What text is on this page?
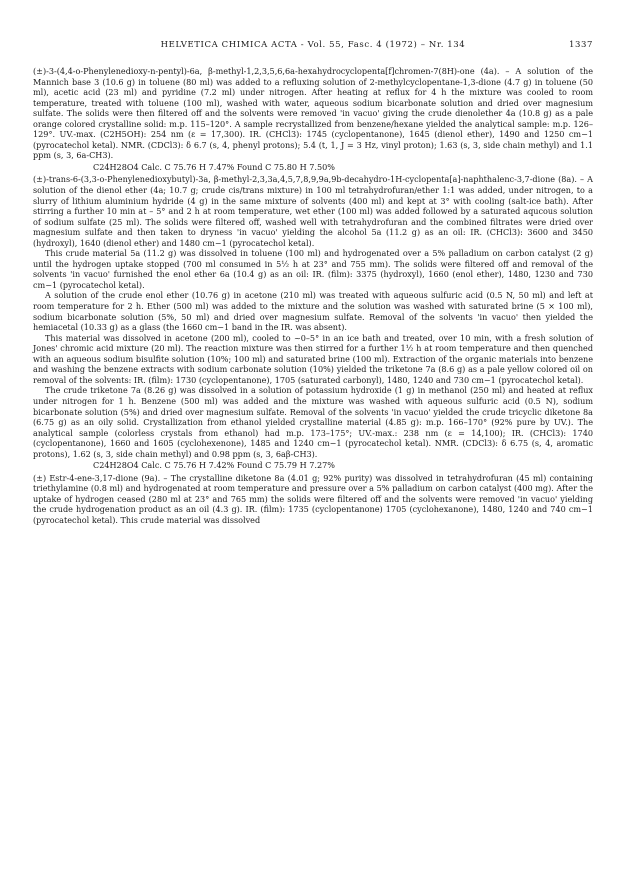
HELVETICA CHIMICA ACTA - Vol. 55, Fasc. 4 (1972) – Nr. 134	1337

(±)-3-(4,4-o-Phenylenedioxy-n-pentyl)-6a, β-methyl-1,2,3,5,6,6a-hexahydrocyclopenta[f]chromen-7(8H)-one (4a). – A solution of the Mannich base 3 (10.6 g) in toluene (80 ml) was added to a refluxing solution of 2-methylcyclopentane-1,3-dione (4.7 g) in toluene (50 ml), acetic acid (23 ml) and pyridine (7.2 ml) under nitrogen. After heating at reflux for 4 h the mixture was cooled to room temperature, treated with toluene (100 ml), washed with water, aqueous sodium bicarbonate solution and dried over magnesium sulfate. The solids were then filtered off and the solvents were removed 'in vacuo' giving the crude dienolether 4a (10.8 g) as a pale orange colored crystalline solid: m.p. 115–120°. A sample recrystallized from benzene/hexane yielded the analytical sample: m.p. 126–129°. UV.-max. (C2H5OH): 254 nm (ε = 17,300). IR. (CHCl3): 1745 (cyclopentanone), 1645 (dienol ether), 1490 and 1250 cm−1 (pyrocatechol ketal). NMR. (CDCl3): δ 6.7 (s, 4, phenyl protons); 5.4 (t, 1, J = 3 Hz, vinyl proton); 1.63 (s, 3, side chain methyl) and 1.1 ppm (s, 3, 6a-CH3).

C24H28O4 Calc. C 75.76 H 7.47% Found C 75.80 H 7.50%

(±)-trans-6-(3,3-o-Phenylenedioxybutyl)-3a, β-methyl-2,3,3a,4,5,7,8,9,9a,9b-decahydro-1H-cyclopenta[a]-naphthalenc-3,7-dione (8a). – A solution of the dienol ether (4a; 10.7 g; crude cis/trans mixture) in 100 ml tetrahydrofuran/ether 1:1 was added, under nitrogen, to a slurry of lithium aluminium hydride (4 g) in the same mixture of solvents (400 ml) and kept at 3° with cooling (salt-ice bath). After stirring a further 10 min at – 5° and 2 h at room temperature, wet ether (100 ml) was added followed by a saturated aqucous solution of sodium sulfate (25 ml). The solids were filtered off, washed well with tetrahydrofuran and the combined filtrates were dried over magnesium sulfate and then taken to dryness 'in vacuo' yielding the alcohol 5a (11.2 g) as an oil: IR. (CHCl3): 3600 and 3450 (hydroxyl), 1640 (dienol ether) and 1480 cm−1 (pyrocatechol ketal).

This crude material 5a (11.2 g) was dissolved in toluene (100 ml) and hydrogenated over a 5% palladium on carbon catalyst (2 g) until the hydrogen uptake stopped (700 ml consumed in 5½ h at 23° and 755 mm). The solids were filtered off and removal of the solvents 'in vacuo' furnished the enol ether 6a (10.4 g) as an oil: IR. (film): 3375 (hydroxyl), 1660 (enol ether), 1480, 1230 and 730 cm−1 (pyrocatechol ketal).

A solution of the crude enol ether (10.76 g) in acetone (210 ml) was treated with aqueous sulfuric acid (0.5 N, 50 ml) and left at room temperature for 2 h. Ether (500 ml) was added to the mixture and the solution was washed with saturated brine (5 × 100 ml), sodium bicarbonate solution (5%, 50 ml) and dried over magnesium sulfate. Removal of the solvents 'in vacuo' then yielded the hemiacetal (10.33 g) as a glass (the 1660 cm−1 band in the IR. was absent).

This material was dissolved in acetone (200 ml), cooled to ~0–5° in an ice bath and treated, over 10 min, with a fresh solution of Jones' chromic acid mixture (20 ml). The reaction mixture was then stirred for a further 1½ h at room temperature and then quenched with an aqueous sodium bisulfite solution (10%; 100 ml) and saturated brine (100 ml). Extraction of the organic materials into benzene and washing the benzene extracts with sodium carbonate solution (10%) yielded the triketone 7a (8.6 g) as a pale yellow colored oil on removal of the solvents: IR. (film): 1730 (cyclopentanone), 1705 (saturated carbonyl), 1480, 1240 and 730 cm−1 (pyrocatechol ketal).

The crude triketone 7a (8.26 g) was dissolved in a solution of potassium hydroxide (1 g) in methanol (250 ml) and heated at reflux under nitrogen for 1 h. Benzene (500 ml) was added and the mixture was washed with aqueous sulfuric acid (0.5 N), sodium bicarbonate solution (5%) and dried over magnesium sulfate. Removal of the solvents 'in vacuo' yielded the crude tricyclic diketone 8a (6.75 g) as an oily solid. Crystallization from ethanol yielded crystalline material (4.85 g): m.p. 166–170° (92% pure by UV.). The analytical sample (colorless crystals from ethanol) had m.p. 173–175°; UV.-max.: 238 nm (ε = 14,100); IR. (CHCl3): 1740 (cyclopentanone), 1660 and 1605 (cyclohexenone), 1485 and 1240 cm−1 (pyrocatechol ketal). NMR. (CDCl3): δ 6.75 (s, 4, aromatic protons), 1.62 (s, 3, side chain methyl) and 0.98 ppm (s, 3, 6aβ-CH3).

C24H28O4 Calc. C 75.76 H 7.42% Found C 75.79 H 7.27%

(±) Estr-4-ene-3,17-dione (9a). – The crystalline diketone 8a (4.01 g; 92% purity) was dissolved in tetrahydrofuran (45 ml) containing triethylamine (0.8 ml) and hydrogenated at room temperature and pressure over a 5% palladium on carbon catalyst (400 mg). After the uptake of hydrogen ceased (280 ml at 23° and 765 mm) the solids were filtered off and the solvents were removed 'in vacuo' yielding the crude hydrogenation product as an oil (4.3 g). IR. (film): 1735 (cyclopentanone) 1705 (cyclohexanone), 1480, 1240 and 740 cm−1 (pyrocatechol ketal). This crude material was dissolved
